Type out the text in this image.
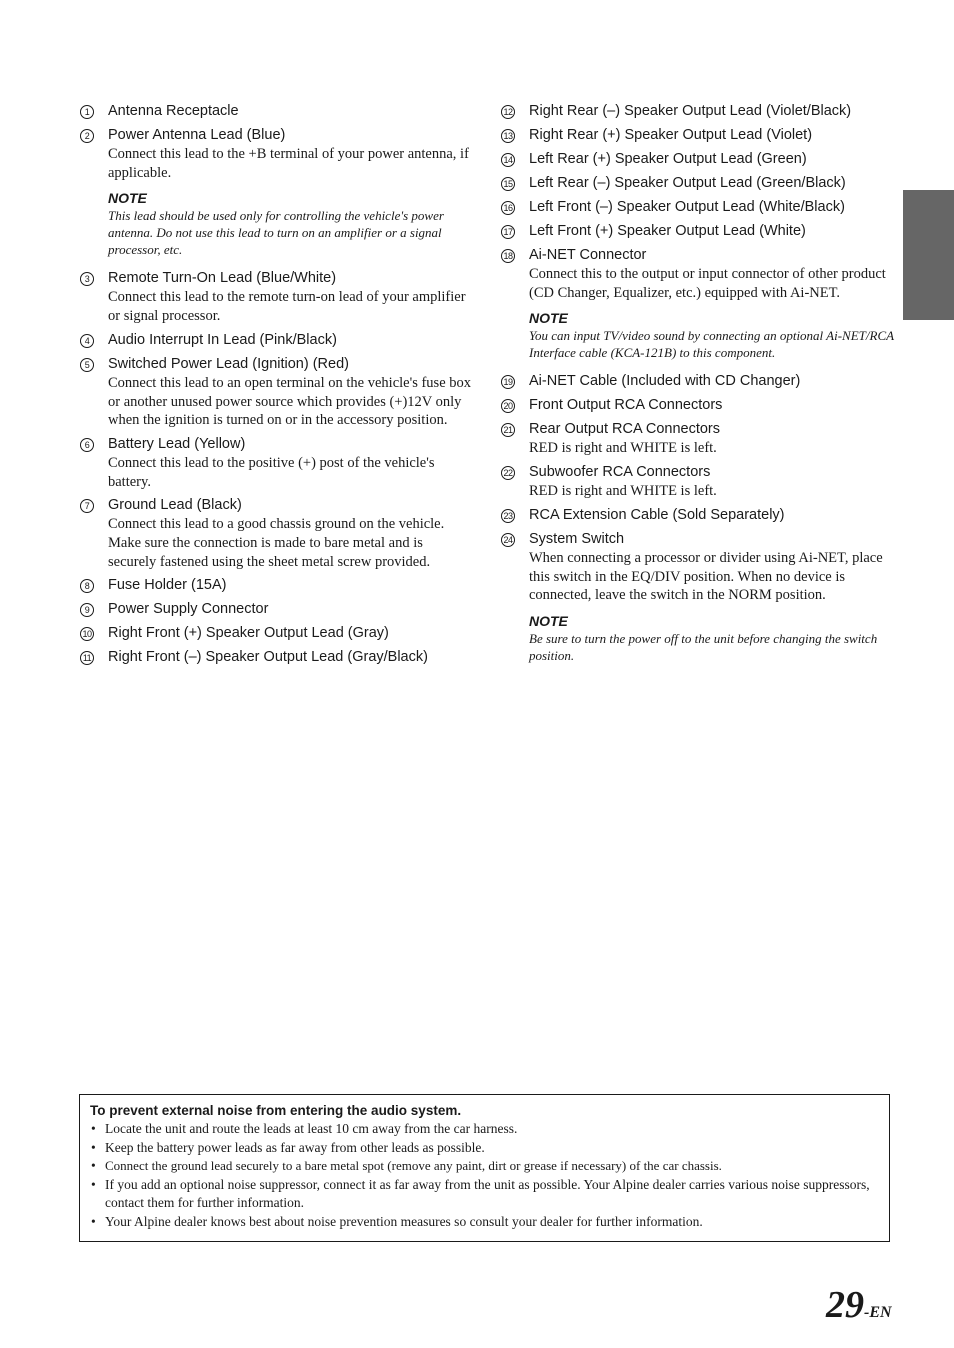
1	Antenna Receptacle
2	Power Antenna Lead (Blue)
Connect this lead to the +B terminal of your power antenna, if applicable.
NOTE
This lead should be used only for controlling the vehicle's power antenna. Do not use this lead to turn on an amplifier or a signal processor, etc.
3	Remote Turn-On Lead (Blue/White)
Connect this lead to the remote turn-on lead of your amplifier or signal processor.
4	Audio Interrupt In Lead (Pink/Black)
5	Switched Power Lead (Ignition) (Red)
Connect this lead to an open terminal on the vehicle's fuse box or another unused power source which provides (+)12V only when the ignition is turned on or in the accessory position.
6	Battery Lead (Yellow)
Connect this lead to the positive (+) post of the vehicle's battery.
7	Ground Lead (Black)
Connect this lead to a good chassis ground on the vehicle. Make sure the connection is made to bare metal and is securely fastened using the sheet metal screw provided.
8	Fuse Holder (15A)
9	Power Supply Connector
10	Right Front (+) Speaker Output Lead (Gray)
11	Right Front (–) Speaker Output Lead (Gray/Black)
12	Right Rear (–) Speaker Output Lead (Violet/Black)
13	Right Rear (+) Speaker Output Lead (Violet)
14	Left Rear (+) Speaker Output Lead (Green)
15	Left Rear (–) Speaker Output Lead (Green/Black)
16	Left Front (–) Speaker Output Lead (White/Black)
17	Left Front (+) Speaker Output Lead (White)
18	Ai-NET Connector
Connect this to the output or input connector of other product (CD Changer, Equalizer, etc.) equipped with Ai-NET.
NOTE
You can input TV/video sound by connecting an optional Ai-NET/RCA Interface cable (KCA-121B) to this component.
19	Ai-NET Cable (Included with CD Changer)
20	Front Output RCA Connectors
21	Rear Output RCA Connectors
RED is right and WHITE is left.
22	Subwoofer RCA Connectors
RED is right and WHITE is left.
23	RCA Extension Cable (Sold Separately)
24	System Switch
When connecting a processor or divider using Ai-NET, place this switch in the EQ/DIV position. When no device is connected, leave the switch in the NORM position.
NOTE
Be sure to turn the power off to the unit before changing the switch position.
To prevent external noise from entering the audio system.
• Locate the unit and route the leads at least 10 cm away from the car harness.
• Keep the battery power leads as far away from other leads as possible.
• Connect the ground lead securely to a bare metal spot (remove any paint, dirt or grease if necessary) of the car chassis.
• If you add an optional noise suppressor, connect it as far away from the unit as possible. Your Alpine dealer carries various noise suppressors, contact them for further information.
• Your Alpine dealer knows best about noise prevention measures so consult your dealer for further information.
29-EN
